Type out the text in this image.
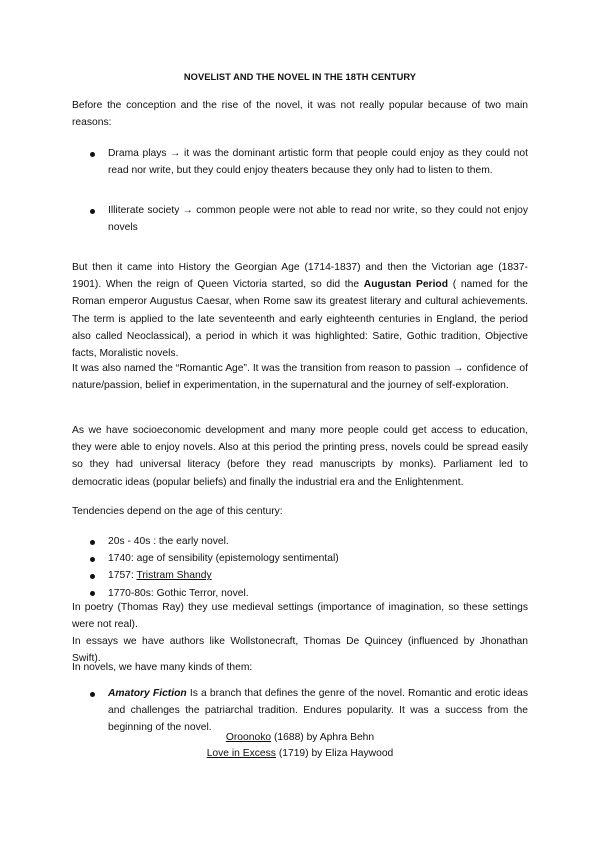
NOVELIST AND THE NOVEL IN THE 18TH CENTURY

Before the conception and the rise of the novel, it was not really popular because of two main reasons:

Drama plays → it was the dominant artistic form that people could enjoy as they could not read nor write, but they could enjoy theaters because they only had to listen to them.
Illiterate society → common people were not able to read nor write, so they could not enjoy novels

But then it came into History the Georgian Age (1714-1837) and then the Victorian age (1837- 1901). When the reign of Queen Victoria started, so did the Augustan Period ( named for the Roman emperor Augustus Caesar, when Rome saw its greatest literary and cultural achievements. The term is applied to the late seventeenth and early eighteenth centuries in England, the period also called Neoclassical), a period in which it was highlighted: Satire, Gothic tradition, Objective facts, Moralistic novels.

It was also named the “Romantic Age”. It was the transition from reason to passion → confidence of nature/passion, belief in experimentation, in the supernatural and the journey of self-exploration.

As we have socioeconomic development and many more people could get access to education, they were able to enjoy novels. Also at this period the printing press, novels could be spread easily so they had universal literacy (before they read manuscripts by monks). Parliament led to democratic ideas (popular beliefs) and finally the industrial era and the Enlightenment.

Tendencies depend on the age of this century:

20s - 40s : the early novel.
1740: age of sensibility (epistemology sentimental)
1757: Tristram Shandy
1770-80s: Gothic Terror, novel.

In poetry (Thomas Ray) they use medieval settings (importance of imagination, so these settings were not real).

In essays we have authors like Wollstonecraft, Thomas De Quincey (influenced by Jhonathan Swift).

In novels, we have many kinds of them:

Amatory Fiction Is a branch that defines the genre of the novel. Romantic and erotic ideas and challenges the patriarchal tradition. Endures popularity. It was a success from the beginning of the novel.
Oroonoko (1688) by Aphra Behn
Love in Excess (1719) by Eliza Haywood
